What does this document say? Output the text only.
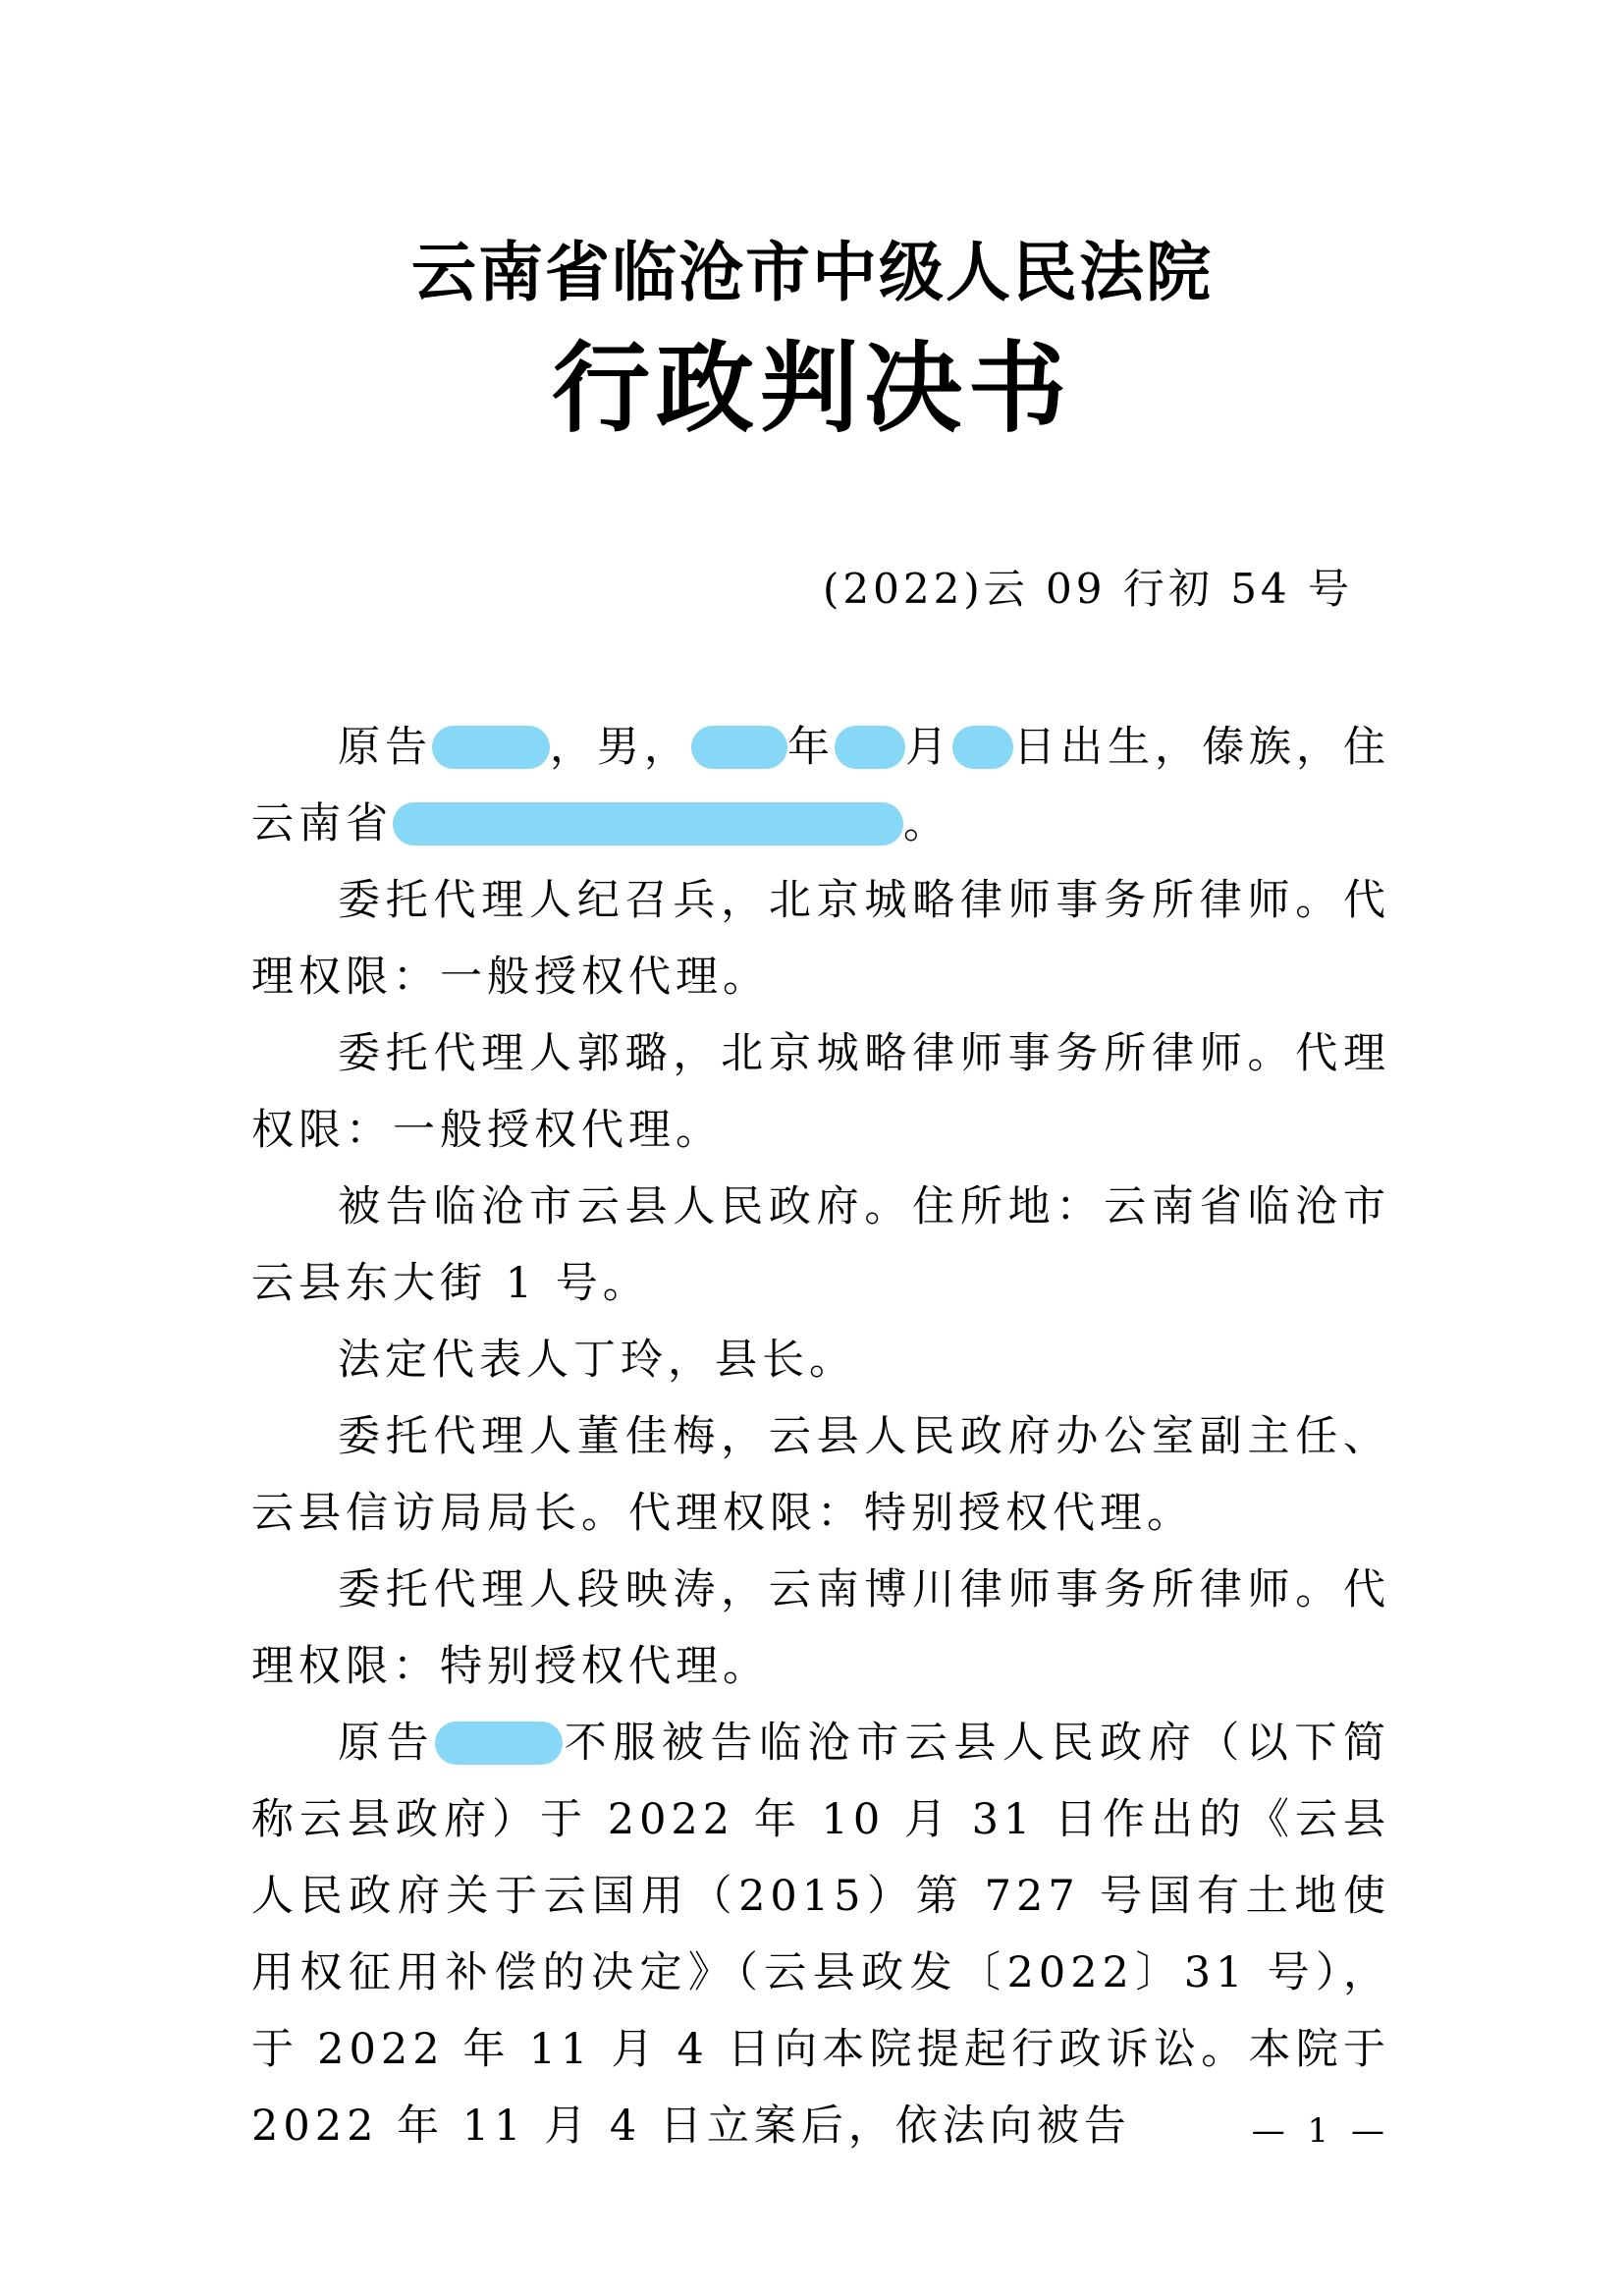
云南省临沧市中级人民法院
行政判决书
(2022)云 09 行初 54 号

原告	，男， 年 月 日出生，傣族，住云南省	。

委托代理人纪召兵，北京城略律师事务所律师。代理权限：一般授权代理。

委托代理人郭璐，北京城略律师事务所律师。代理权限：一般授权代理。

被告临沧市云县人民政府。住所地：云南省临沧市云县东大街 1 号。

法定代表人丁玲，县长。

委托代理人董佳梅，云县人民政府办公室副主任、云县信访局局长。代理权限：特别授权代理。

委托代理人段映涛，云南博川律师事务所律师。代理权限：特别授权代理。

原告	不服被告临沧市云县人民政府（以下简称云县政府）于 2022 年 10 月 31 日作出的《云县人民政府关于云国用（2015）第 727 号国有土地使用权征用补偿的决定》（云县政发〔2022〕31 号），于 2022 年 11 月 4 日向本院提起行政诉讼。本院于 2022 年 11 月 4 日立案后，依法向被告	— 1 —
